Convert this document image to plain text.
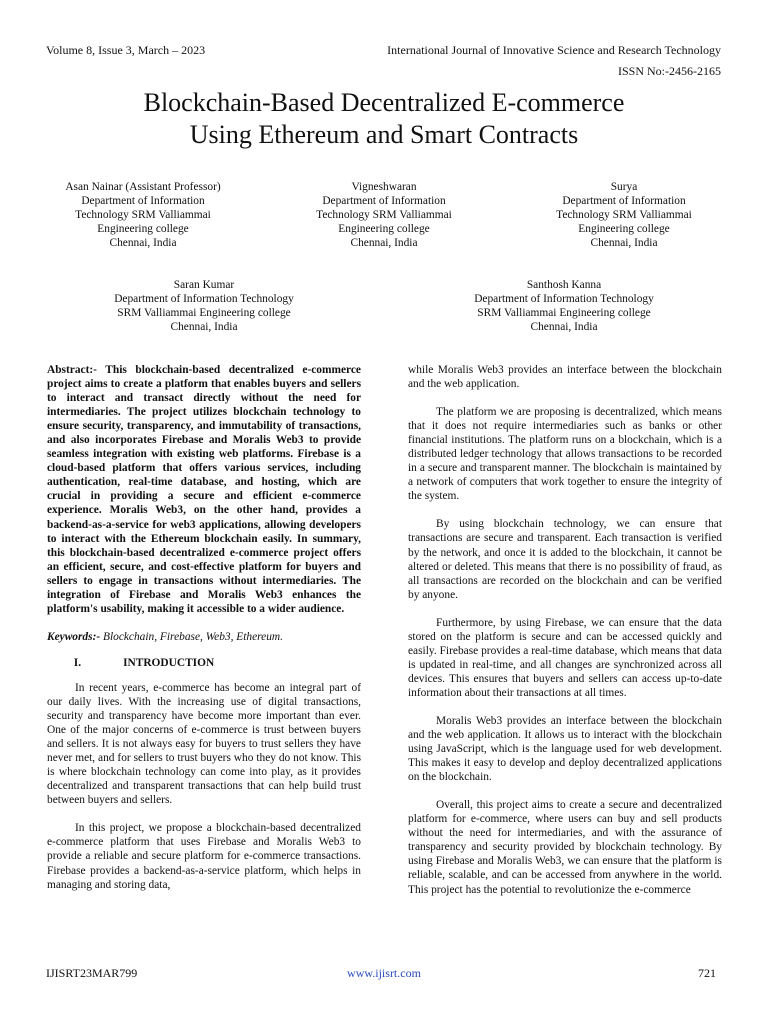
Volume 8, Issue 3, March – 2023	International Journal of Innovative Science and Research Technology
ISSN No:-2456-2165
Blockchain-Based Decentralized E-commerce
Using Ethereum and Smart Contracts
Asan Nainar (Assistant Professor)
Department of Information
Technology SRM Valliammai
Engineering college
Chennai, India
Vigneshwaran
Department of Information
Technology SRM Valliammai
Engineering college
Chennai, India
Surya
Department of Information
Technology SRM Valliammai
Engineering college
Chennai, India
Saran Kumar
Department of Information Technology
SRM Valliammai Engineering college
Chennai, India
Santhosh Kanna
Department of Information Technology
SRM Valliammai Engineering college
Chennai, India

Abstract:- This blockchain-based decentralized e-commerce project aims to create a platform that enables buyers and sellers to interact and transact directly without the need for intermediaries. The project utilizes blockchain technology to ensure security, transparency, and immutability of transactions, and also incorporates Firebase and Moralis Web3 to provide seamless integration with existing web platforms. Firebase is a cloud-based platform that offers various services, including authentication, real-time database, and hosting, which are crucial in providing a secure and efficient e-commerce experience. Moralis Web3, on the other hand, provides a backend-as-a-service for web3 applications, allowing developers to interact with the Ethereum blockchain easily. In summary, this blockchain-based decentralized e-commerce project offers an efficient, secure, and cost-effective platform for buyers and sellers to engage in transactions without intermediaries. The integration of Firebase and Moralis Web3 enhances the platform's usability, making it accessible to a wider audience.

Keywords:- Blockchain, Firebase, Web3, Ethereum.

I.	INTRODUCTION

In recent years, e-commerce has become an integral part of our daily lives. With the increasing use of digital transactions, security and transparency have become more important than ever. One of the major concerns of e-commerce is trust between buyers and sellers. It is not always easy for buyers to trust sellers they have never met, and for sellers to trust buyers who they do not know. This is where blockchain technology can come into play, as it provides decentralized and transparent transactions that can help build trust between buyers and sellers.

In this project, we propose a blockchain-based decentralized e-commerce platform that uses Firebase and Moralis Web3 to provide a reliable and secure platform for e-commerce transactions. Firebase provides a backend-as-a-service platform, which helps in managing and storing data,

while Moralis Web3 provides an interface between the blockchain and the web application.

The platform we are proposing is decentralized, which means that it does not require intermediaries such as banks or other financial institutions. The platform runs on a blockchain, which is a distributed ledger technology that allows transactions to be recorded in a secure and transparent manner. The blockchain is maintained by a network of computers that work together to ensure the integrity of the system.

By using blockchain technology, we can ensure that transactions are secure and transparent. Each transaction is verified by the network, and once it is added to the blockchain, it cannot be altered or deleted. This means that there is no possibility of fraud, as all transactions are recorded on the blockchain and can be verified by anyone.

Furthermore, by using Firebase, we can ensure that the data stored on the platform is secure and can be accessed quickly and easily. Firebase provides a real-time database, which means that data is updated in real-time, and all changes are synchronized across all devices. This ensures that buyers and sellers can access up-to-date information about their transactions at all times.

Moralis Web3 provides an interface between the blockchain and the web application. It allows us to interact with the blockchain using JavaScript, which is the language used for web development. This makes it easy to develop and deploy decentralized applications on the blockchain.

Overall, this project aims to create a secure and decentralized platform for e-commerce, where users can buy and sell products without the need for intermediaries, and with the assurance of transparency and security provided by blockchain technology. By using Firebase and Moralis Web3, we can ensure that the platform is reliable, scalable, and can be accessed from anywhere in the world. This project has the potential to revolutionize the e-commerce

IJISRT23MAR799	www.ijisrt.com	721
